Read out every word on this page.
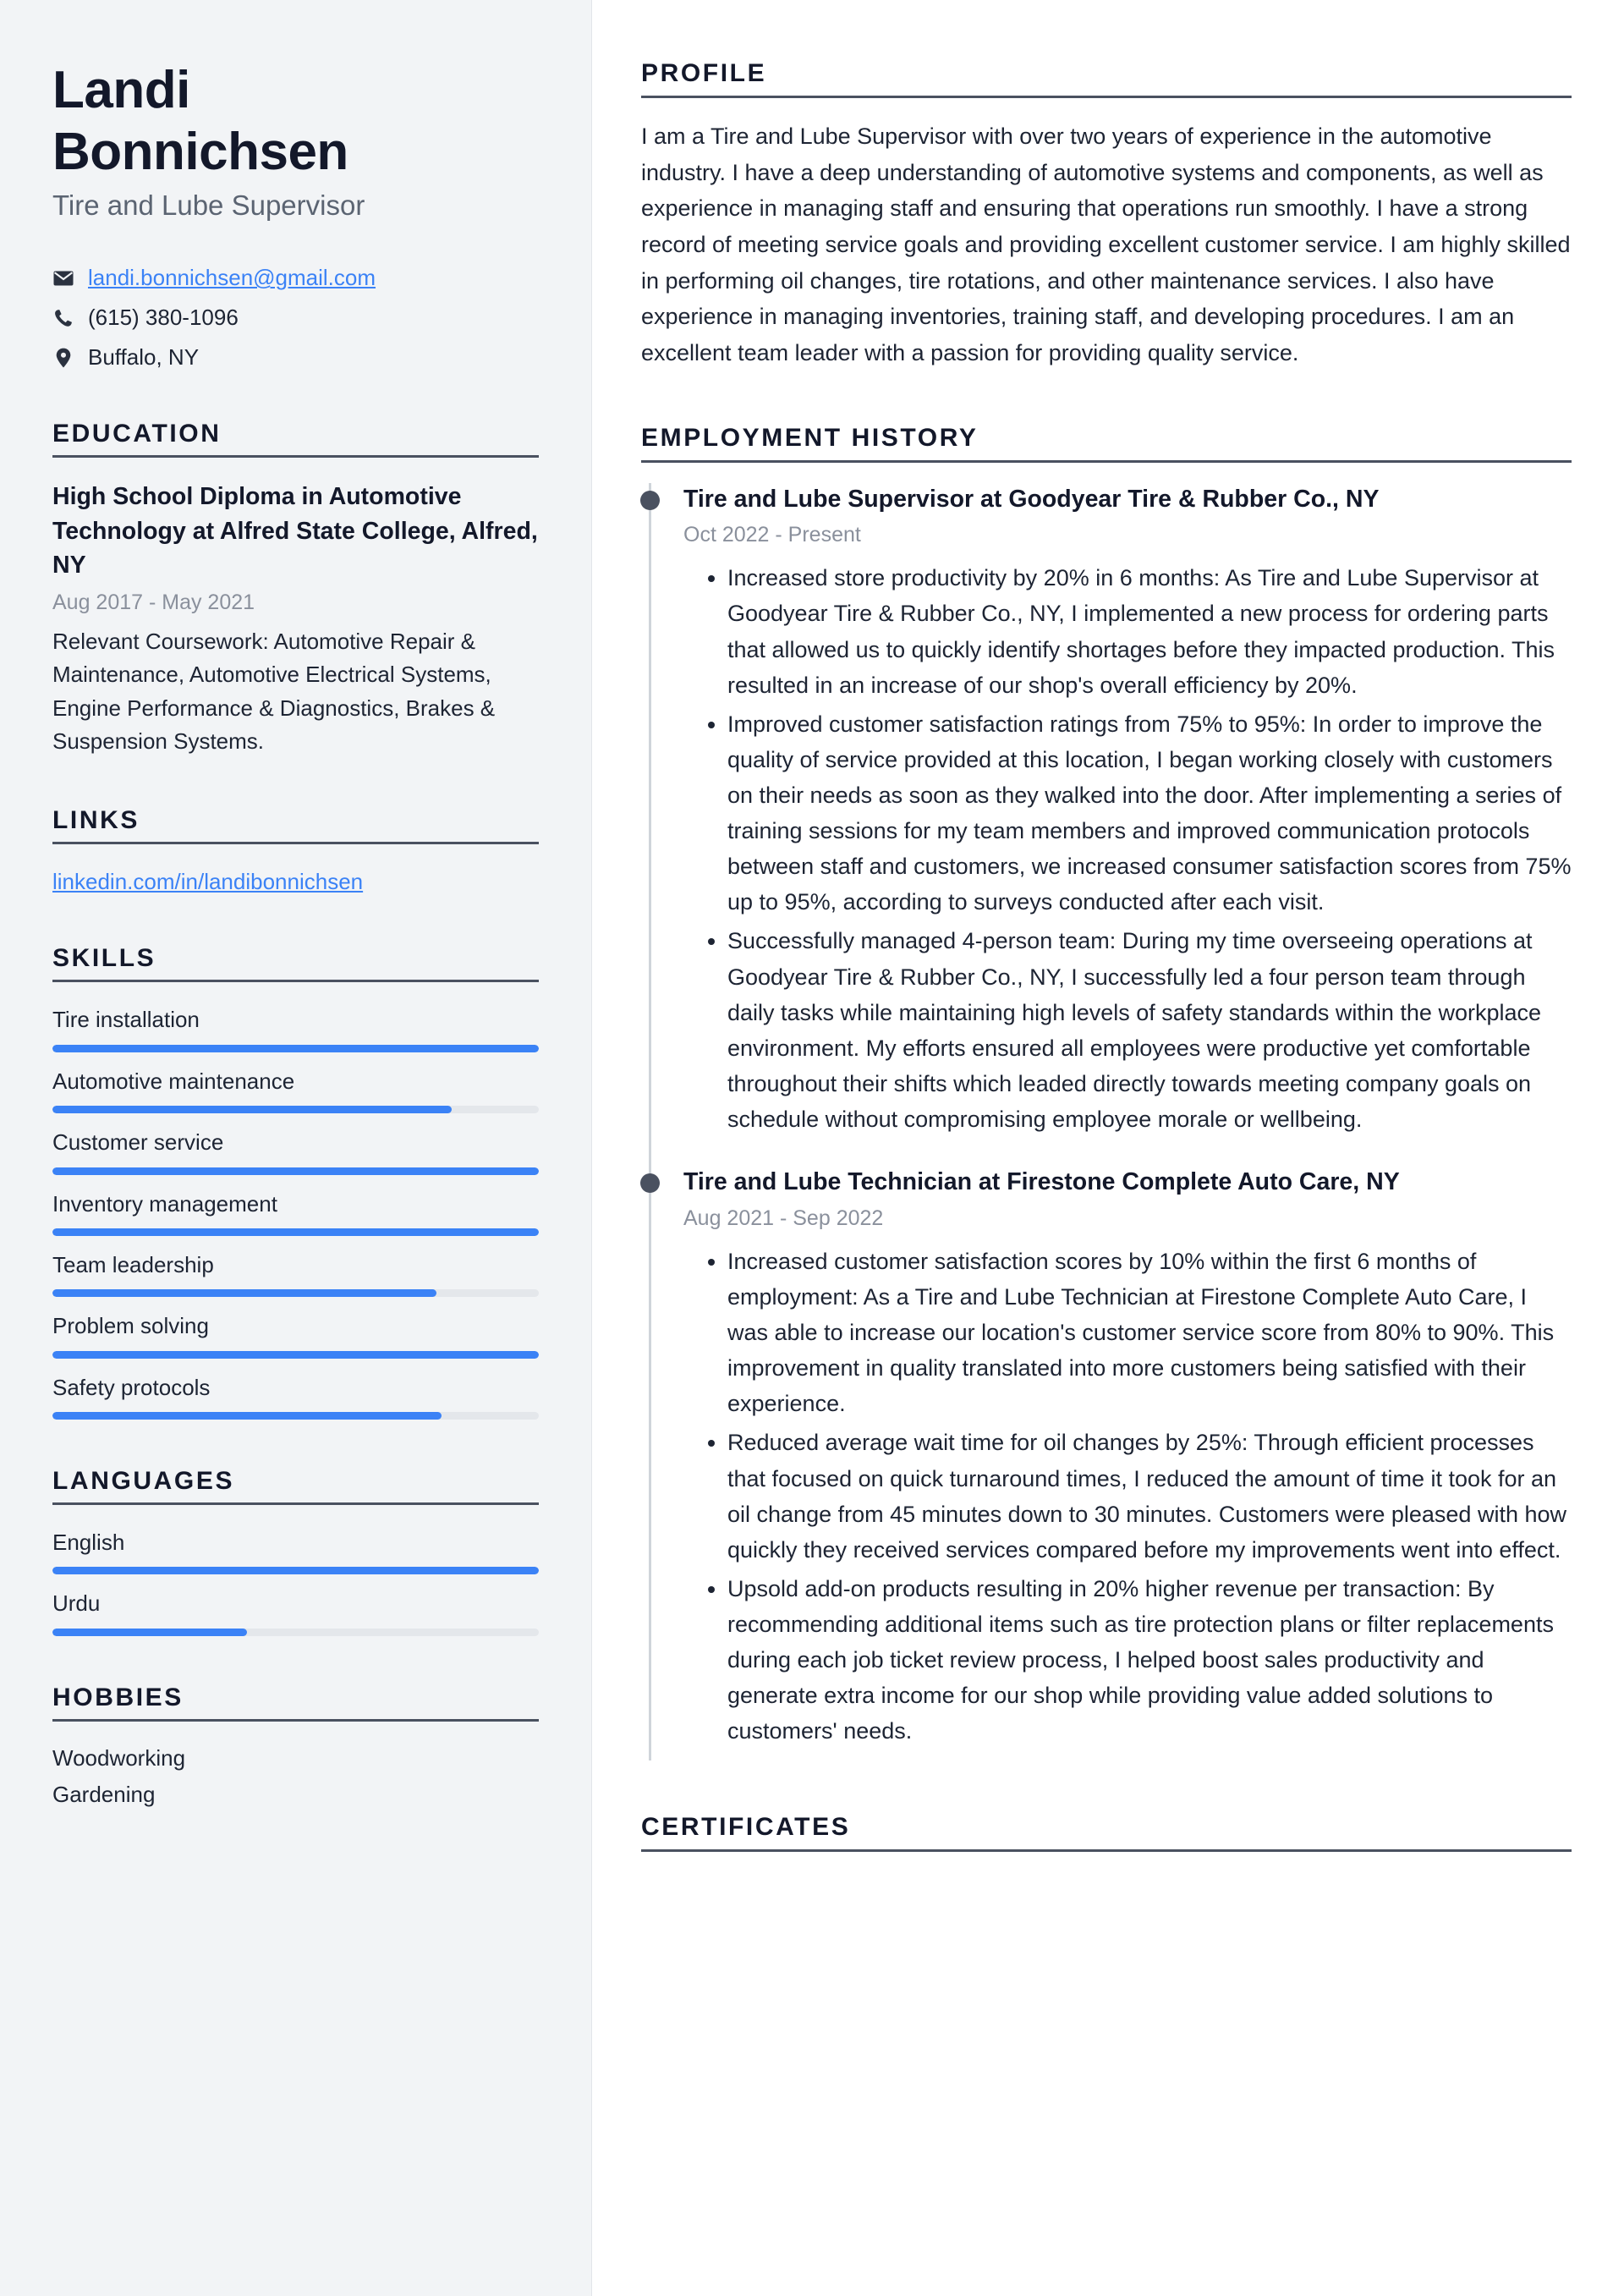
Landi
Bonnichsen
Tire and Lube Supervisor
landi.bonnichsen@gmail.com
(615) 380-1096
Buffalo, NY
EDUCATION
High School Diploma in Automotive Technology at Alfred State College, Alfred, NY
Aug 2017 - May 2021
Relevant Coursework: Automotive Repair & Maintenance, Automotive Electrical Systems, Engine Performance & Diagnostics, Brakes & Suspension Systems.
LINKS
linkedin.com/in/landibonnichsen
SKILLS
Tire installation
Automotive maintenance
Customer service
Inventory management
Team leadership
Problem solving
Safety protocols
LANGUAGES
English
Urdu
HOBBIES
Woodworking
Gardening
PROFILE

I am a Tire and Lube Supervisor with over two years of experience in the automotive industry. I have a deep understanding of automotive systems and components, as well as experience in managing staff and ensuring that operations run smoothly. I have a strong record of meeting service goals and providing excellent customer service. I am highly skilled in performing oil changes, tire rotations, and other maintenance services. I also have experience in managing inventories, training staff, and developing procedures. I am an excellent team leader with a passion for providing quality service.

EMPLOYMENT HISTORY
Tire and Lube Supervisor at Goodyear Tire & Rubber Co., NY
Oct 2022 - Present
• Increased store productivity by 20% in 6 months: As Tire and Lube Supervisor at Goodyear Tire & Rubber Co., NY, I implemented a new process for ordering parts that allowed us to quickly identify shortages before they impacted production. This resulted in an increase of our shop's overall efficiency by 20%.
• Improved customer satisfaction ratings from 75% to 95%: In order to improve the quality of service provided at this location, I began working closely with customers on their needs as soon as they walked into the door. After implementing a series of training sessions for my team members and improved communication protocols between staff and customers, we increased consumer satisfaction scores from 75% up to 95%, according to surveys conducted after each visit.
• Successfully managed 4-person team: During my time overseeing operations at Goodyear Tire & Rubber Co., NY, I successfully led a four person team through daily tasks while maintaining high levels of safety standards within the workplace environment. My efforts ensured all employees were productive yet comfortable throughout their shifts which leaded directly towards meeting company goals on schedule without compromising employee morale or wellbeing.
Tire and Lube Technician at Firestone Complete Auto Care, NY
Aug 2021 - Sep 2022
• Increased customer satisfaction scores by 10% within the first 6 months of employment: As a Tire and Lube Technician at Firestone Complete Auto Care, I was able to increase our location's customer service score from 80% to 90%. This improvement in quality translated into more customers being satisfied with their experience.
• Reduced average wait time for oil changes by 25%: Through efficient processes that focused on quick turnaround times, I reduced the amount of time it took for an oil change from 45 minutes down to 30 minutes. Customers were pleased with how quickly they received services compared before my improvements went into effect.
• Upsold add-on products resulting in 20% higher revenue per transaction: By recommending additional items such as tire protection plans or filter replacements during each job ticket review process, I helped boost sales productivity and generate extra income for our shop while providing value added solutions to customers' needs.
CERTIFICATES
